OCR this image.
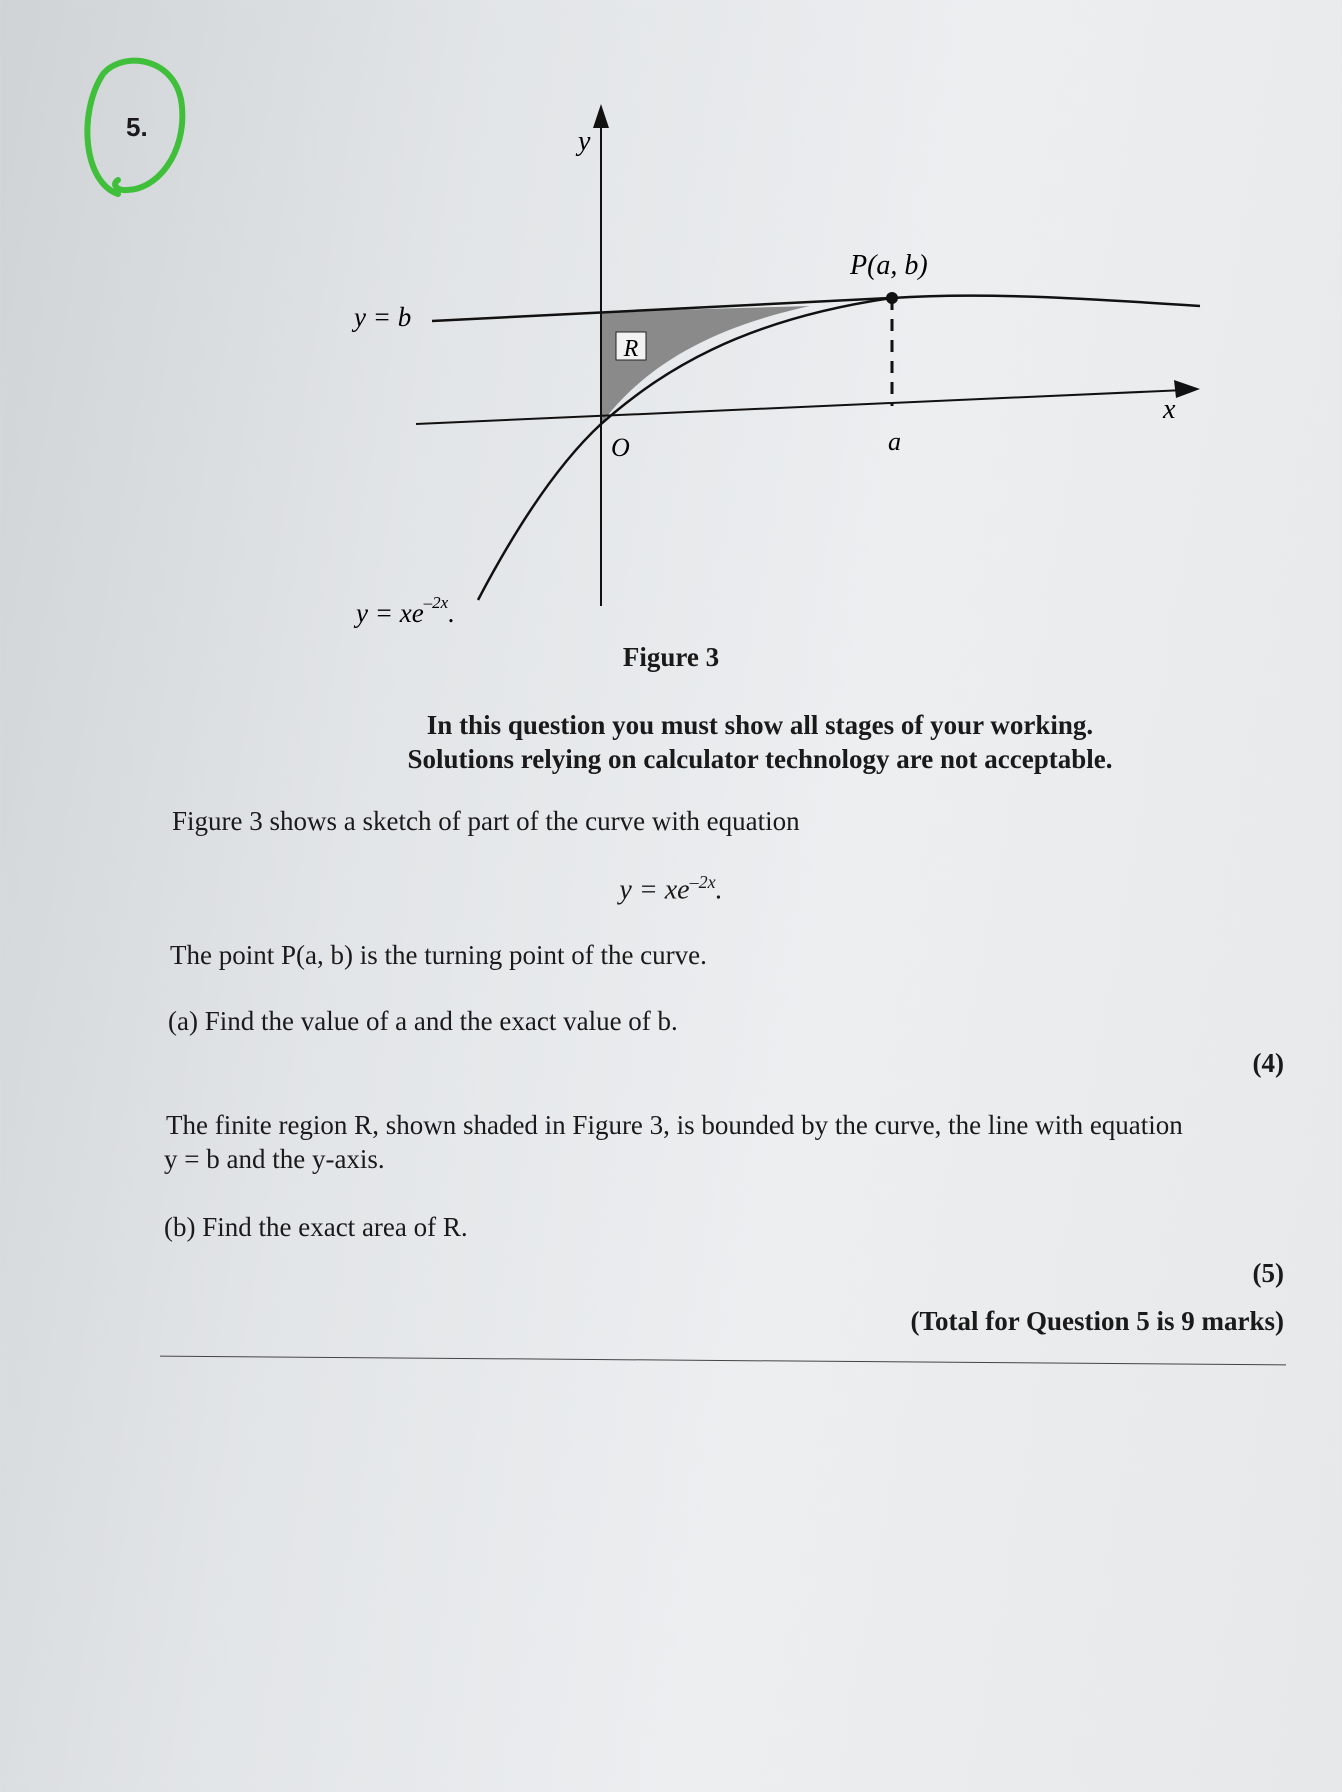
5.
R
y
x
O	a
P(a, b)
y = b
$y = xe^{-2x}$.
Figure 3
In this question you must show all stages of your working.
Solutions relying on calculator technology are not acceptable.
Figure 3 shows a sketch of part of the curve with equation
$y = xe^{-2x}$.
The point P(a, b) is the turning point of the curve.
(a) Find the value of a and the exact value of b.
(4)
The finite region R, shown shaded in Figure 3, is bounded by the curve, the line with equation
y = b and the y-axis.
(b) Find the exact area of R.
(5)
(Total for Question 5 is 9 marks)
